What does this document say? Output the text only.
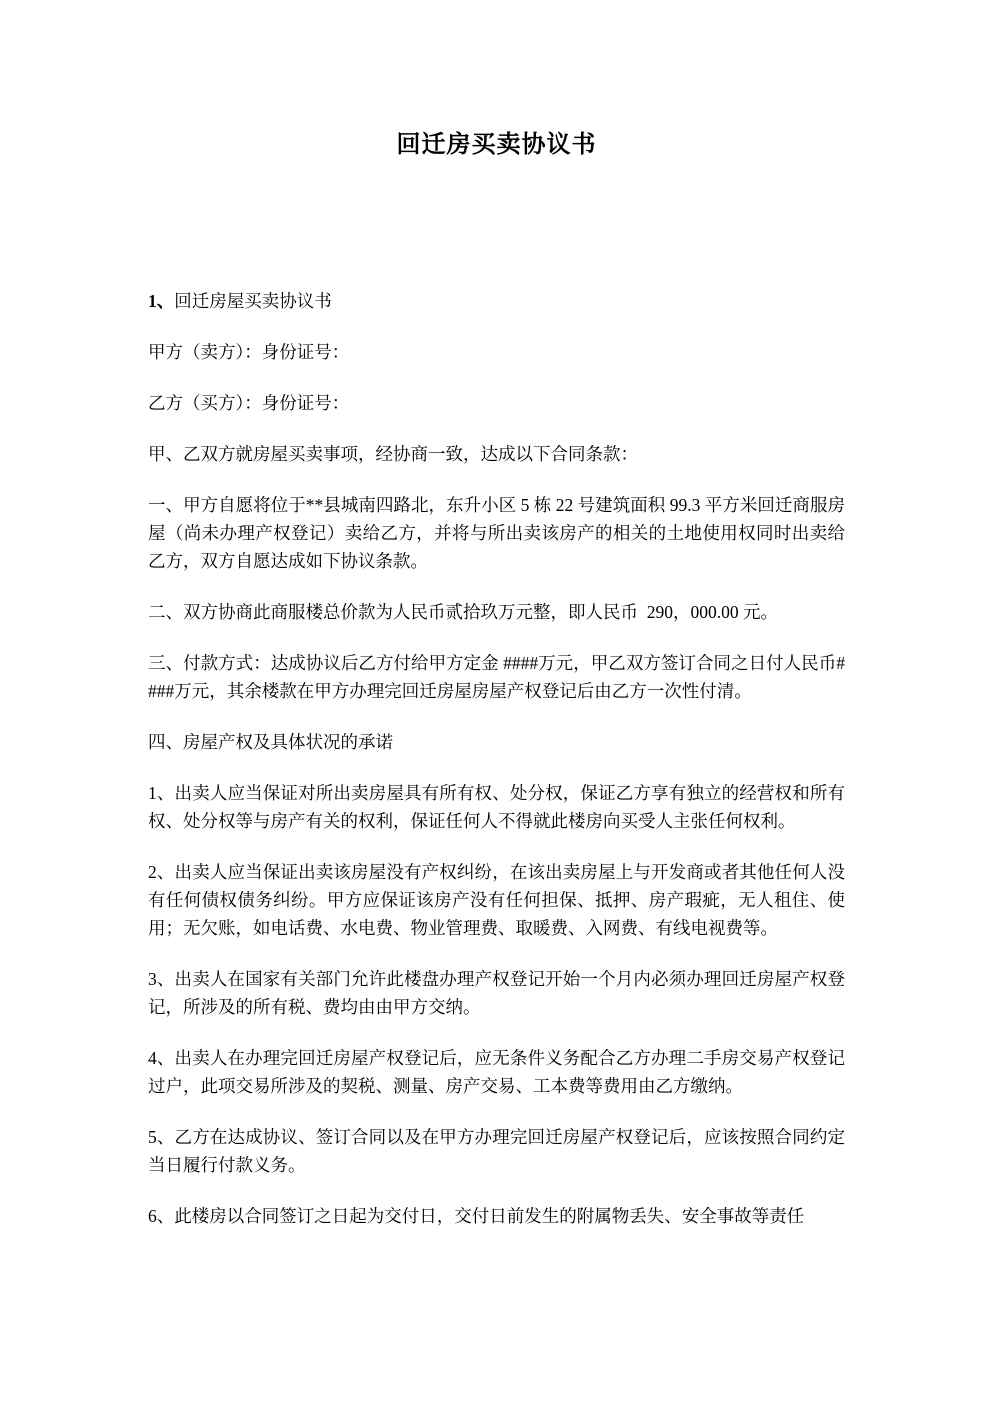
回迁房买卖协议书

1、回迁房屋买卖协议书

甲方（卖方）：身份证号：

乙方（买方）：身份证号：

甲、乙双方就房屋买卖事项，经协商一致，达成以下合同条款：

一、甲方自愿将位于**县城南四路北，东升小区 5 栋 22 号建筑面积 99.3 平方米回迁商服房屋（尚未办理产权登记）卖给乙方，并将与所出卖该房产的相关的土地使用权同时出卖给乙方，双方自愿达成如下协议条款。

二、双方协商此商服楼总价款为人民币贰拾玖万元整，即人民币  290，000.00 元。

三、付款方式：达成协议后乙方付给甲方定金 ####万元，甲乙双方签订合同之日付人民币####万元，其余楼款在甲方办理完回迁房屋房屋产权登记后由乙方一次性付清。

四、房屋产权及具体状况的承诺

1、出卖人应当保证对所出卖房屋具有所有权、处分权，保证乙方享有独立的经营权和所有权、处分权等与房产有关的权利，保证任何人不得就此楼房向买受人主张任何权利。

2、出卖人应当保证出卖该房屋没有产权纠纷，在该出卖房屋上与开发商或者其他任何人没有任何债权债务纠纷。甲方应保证该房产没有任何担保、抵押、房产瑕疵，无人租住、使用；无欠账，如电话费、水电费、物业管理费、取暖费、入网费、有线电视费等。

3、出卖人在国家有关部门允许此楼盘办理产权登记开始一个月内必须办理回迁房屋产权登记，所涉及的所有税、费均由由甲方交纳。

4、出卖人在办理完回迁房屋产权登记后，应无条件义务配合乙方办理二手房交易产权登记过户，此项交易所涉及的契税、测量、房产交易、工本费等费用由乙方缴纳。

5、乙方在达成协议、签订合同以及在甲方办理完回迁房屋产权登记后，应该按照合同约定当日履行付款义务。

6、此楼房以合同签订之日起为交付日，交付日前发生的附属物丢失、安全事故等责任
